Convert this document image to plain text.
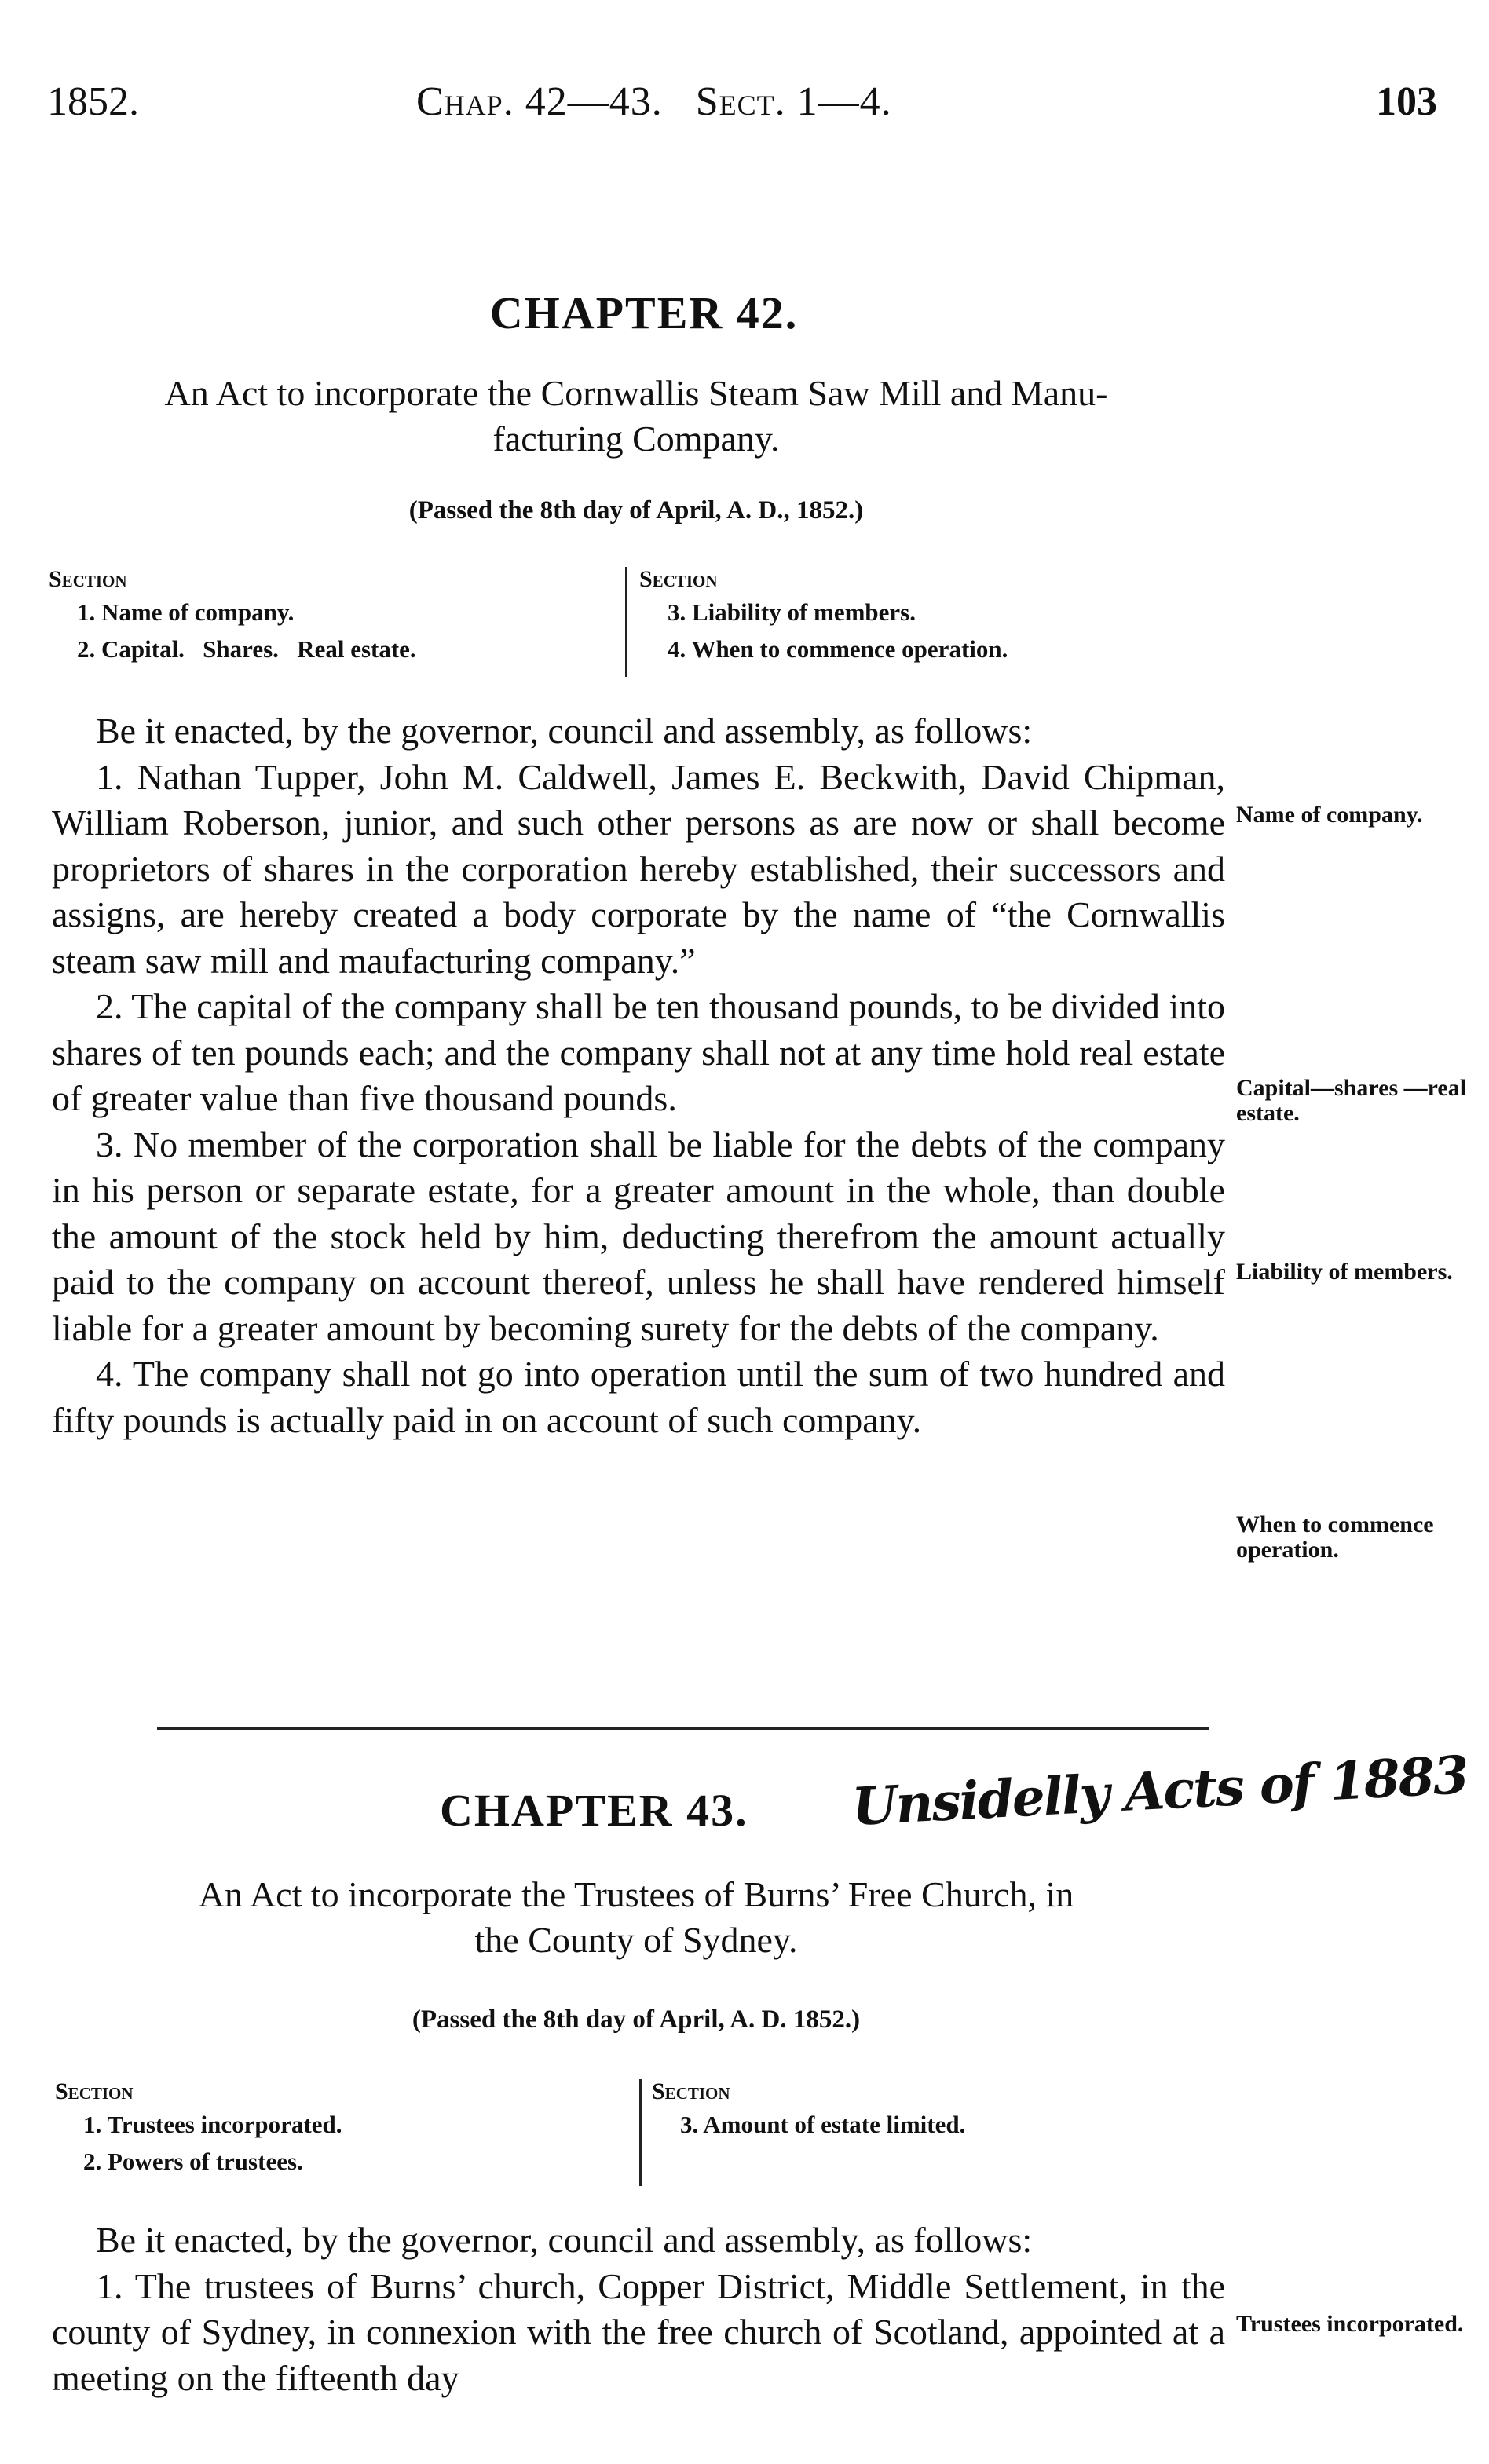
1852.	Chap. 42—43.   Sect. 1—4.	103
CHAPTER 42.
An Act to incorporate the Cornwallis Steam Saw Mill and Manu-
facturing Company.
(Passed the 8th day of April, A. D., 1852.)
Section
1. Name of company.
2. Capital.   Shares.   Real estate.
Section
3. Liability of members.
4. When to commence operation.

Be it enacted, by the governor, council and assembly, as follows:

1. Nathan Tupper, John M. Caldwell, James E. Beckwith, David Chipman, William Roberson, junior, and such other persons as are now or shall become proprietors of shares in the corporation hereby established, their successors and assigns, are hereby created a body corporate by the name of “the Cornwallis steam saw mill and maufacturing company.”

2. The capital of the company shall be ten thousand pounds, to be divided into shares of ten pounds each; and the company shall not at any time hold real estate of greater value than five thousand pounds.

3. No member of the corporation shall be liable for the debts of the company in his person or separate estate, for a greater amount in the whole, than double the amount of the stock held by him, deducting therefrom the amount actually paid to the company on account thereof, unless he shall have rendered himself liable for a greater amount by becoming surety for the debts of the company.

4. The company shall not go into operation until the sum of two hundred and fifty pounds is actually paid in on account of such company.

Name of company.
Capital—shares —real estate.
Liability of members.
When to commence operation.
CHAPTER 43.	Unsidelly Acts of 1883
An Act to incorporate the Trustees of Burns’ Free Church, in
the County of Sydney.
(Passed the 8th day of April, A. D. 1852.)
Section
1. Trustees incorporated.
2. Powers of trustees.
Section
3. Amount of estate limited.

Be it enacted, by the governor, council and assembly, as follows:

1. The trustees of Burns’ church, Copper District, Middle Settlement, in the county of Sydney, in connexion with the free church of Scotland, appointed at a meeting on the fifteenth day

Trustees incorporated.
